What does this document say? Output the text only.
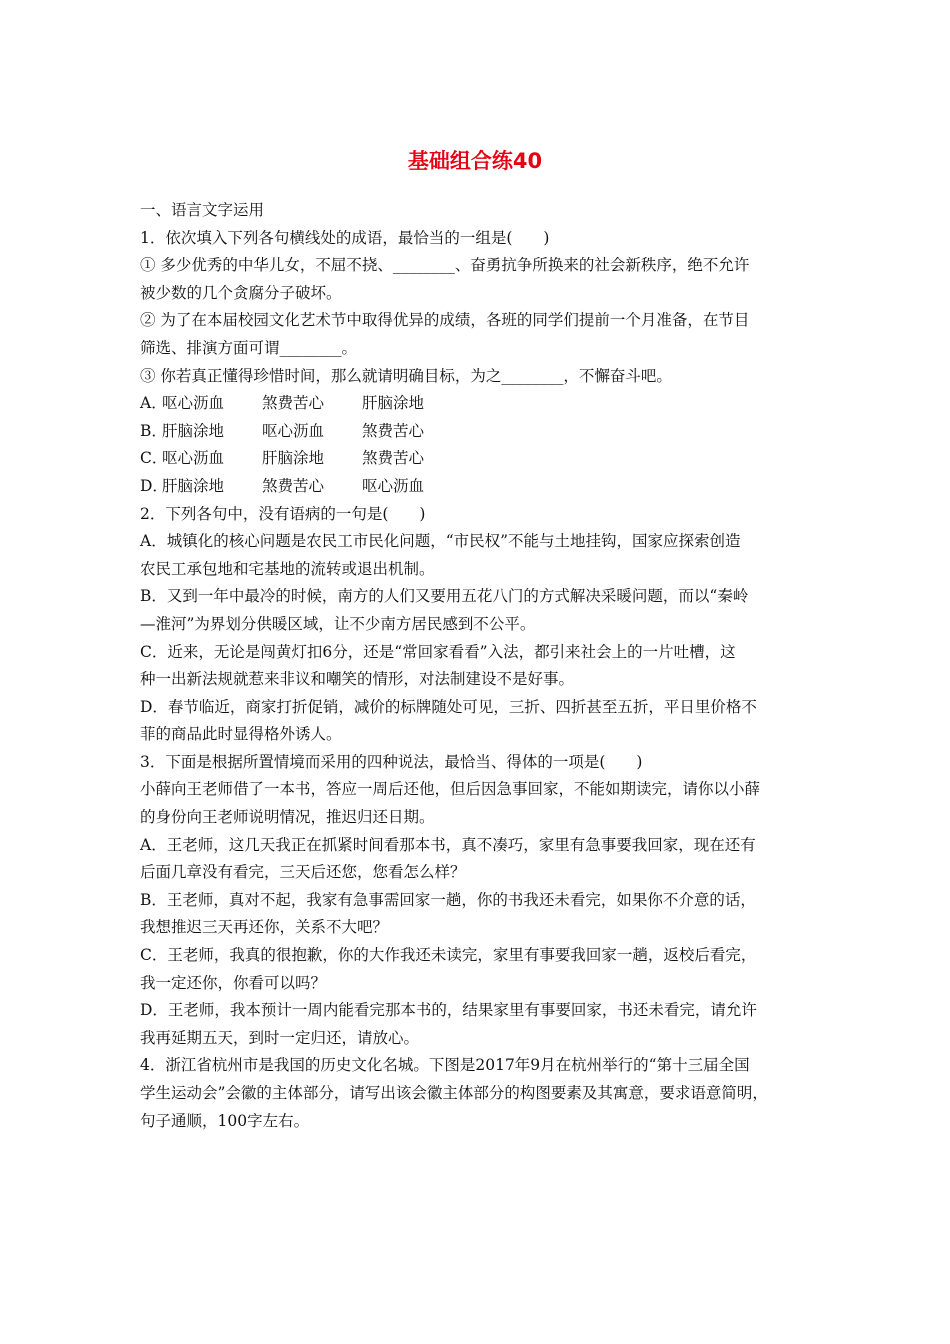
基础组合练40

一、语言文字运用

1．依次填入下列各句横线处的成语，最恰当的一组是(　　)

① 多少优秀的中华儿女，不屈不挠、________、奋勇抗争所换来的社会新秩序，绝不允许

被少数的几个贪腐分子破坏。

② 为了在本届校园文化艺术节中取得优异的成绩，各班的同学们提前一个月准备，在节目

筛选、排演方面可谓________。

③ 你若真正懂得珍惜时间，那么就请明确目标，为之________，不懈奋斗吧。

A．
呕心沥血	煞费苦心	肝脑涂地
B．
肝脑涂地	呕心沥血	煞费苦心
C．
呕心沥血	肝脑涂地	煞费苦心
D．
肝脑涂地	煞费苦心	呕心沥血

2．下列各句中，没有语病的一句是(　　)

A．城镇化的核心问题是农民工市民化问题，“市民权”不能与土地挂钩，国家应探索创造

农民工承包地和宅基地的流转或退出机制。

B．又到一年中最冷的时候，南方的人们又要用五花八门的方式解决采暖问题，而以“秦岭

—淮河”为界划分供暖区域，让不少南方居民感到不公平。

C．近来，无论是闯黄灯扣6分，还是“常回家看看”入法，都引来社会上的一片吐槽，这

种一出新法规就惹来非议和嘲笑的情形，对法制建设不是好事。

D．春节临近，商家打折促销，减价的标牌随处可见，三折、四折甚至五折，平日里价格不

菲的商品此时显得格外诱人。

3．下面是根据所置情境而采用的四种说法，最恰当、得体的一项是(　　)

小薛向王老师借了一本书，答应一周后还他，但后因急事回家，不能如期读完，请你以小薛

的身份向王老师说明情况，推迟归还日期。

A．王老师，这几天我正在抓紧时间看那本书，真不凑巧，家里有急事要我回家，现在还有

后面几章没有看完，三天后还您，您看怎么样？

B．王老师，真对不起，我家有急事需回家一趟，你的书我还未看完，如果你不介意的话，

我想推迟三天再还你，关系不大吧？

C．王老师，我真的很抱歉，你的大作我还未读完，家里有事要我回家一趟，返校后看完，

我一定还你，你看可以吗？

D．王老师，我本预计一周内能看完那本书的，结果家里有事要回家，书还未看完，请允许

我再延期五天，到时一定归还，请放心。

4．浙江省杭州市是我国的历史文化名城。下图是2017年9月在杭州举行的“第十三届全国

学生运动会”会徽的主体部分，请写出该会徽主体部分的构图要素及其寓意，要求语意简明，

句子通顺，100字左右。
